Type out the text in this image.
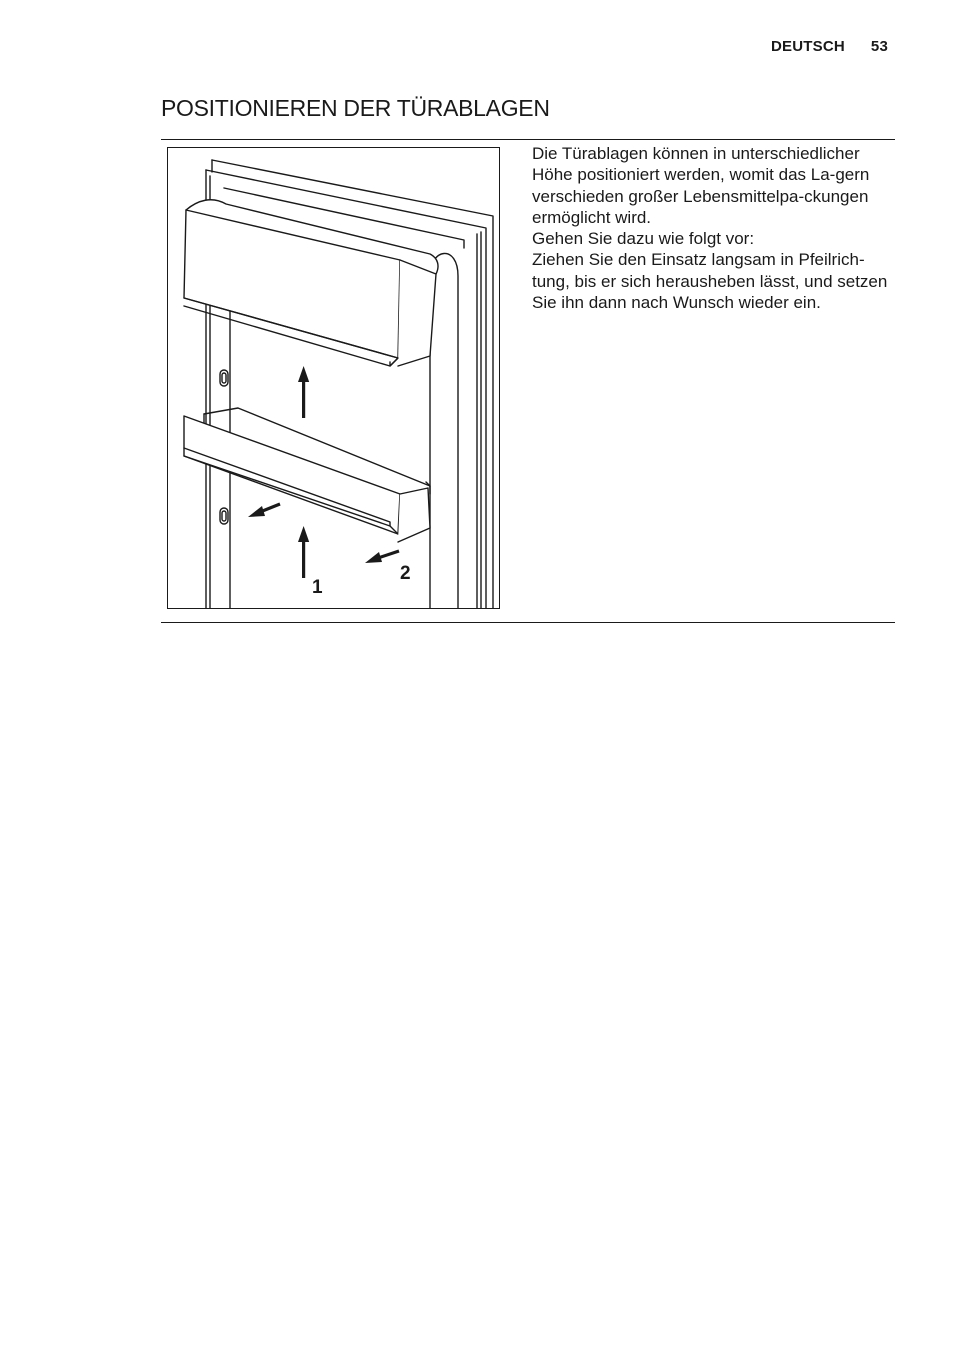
DEUTSCH 53
POSITIONIEREN DER TÜRABLAGEN
1
2

Die Türablagen können in unterschiedlicher Höhe positioniert werden, womit das La-gern verschieden großer Lebensmittelpa-ckungen ermöglicht wird.

Gehen Sie dazu wie folgt vor:

Ziehen Sie den Einsatz langsam in Pfeilrich-tung, bis er sich herausheben lässt, und setzen Sie ihn dann nach Wunsch wieder ein.
